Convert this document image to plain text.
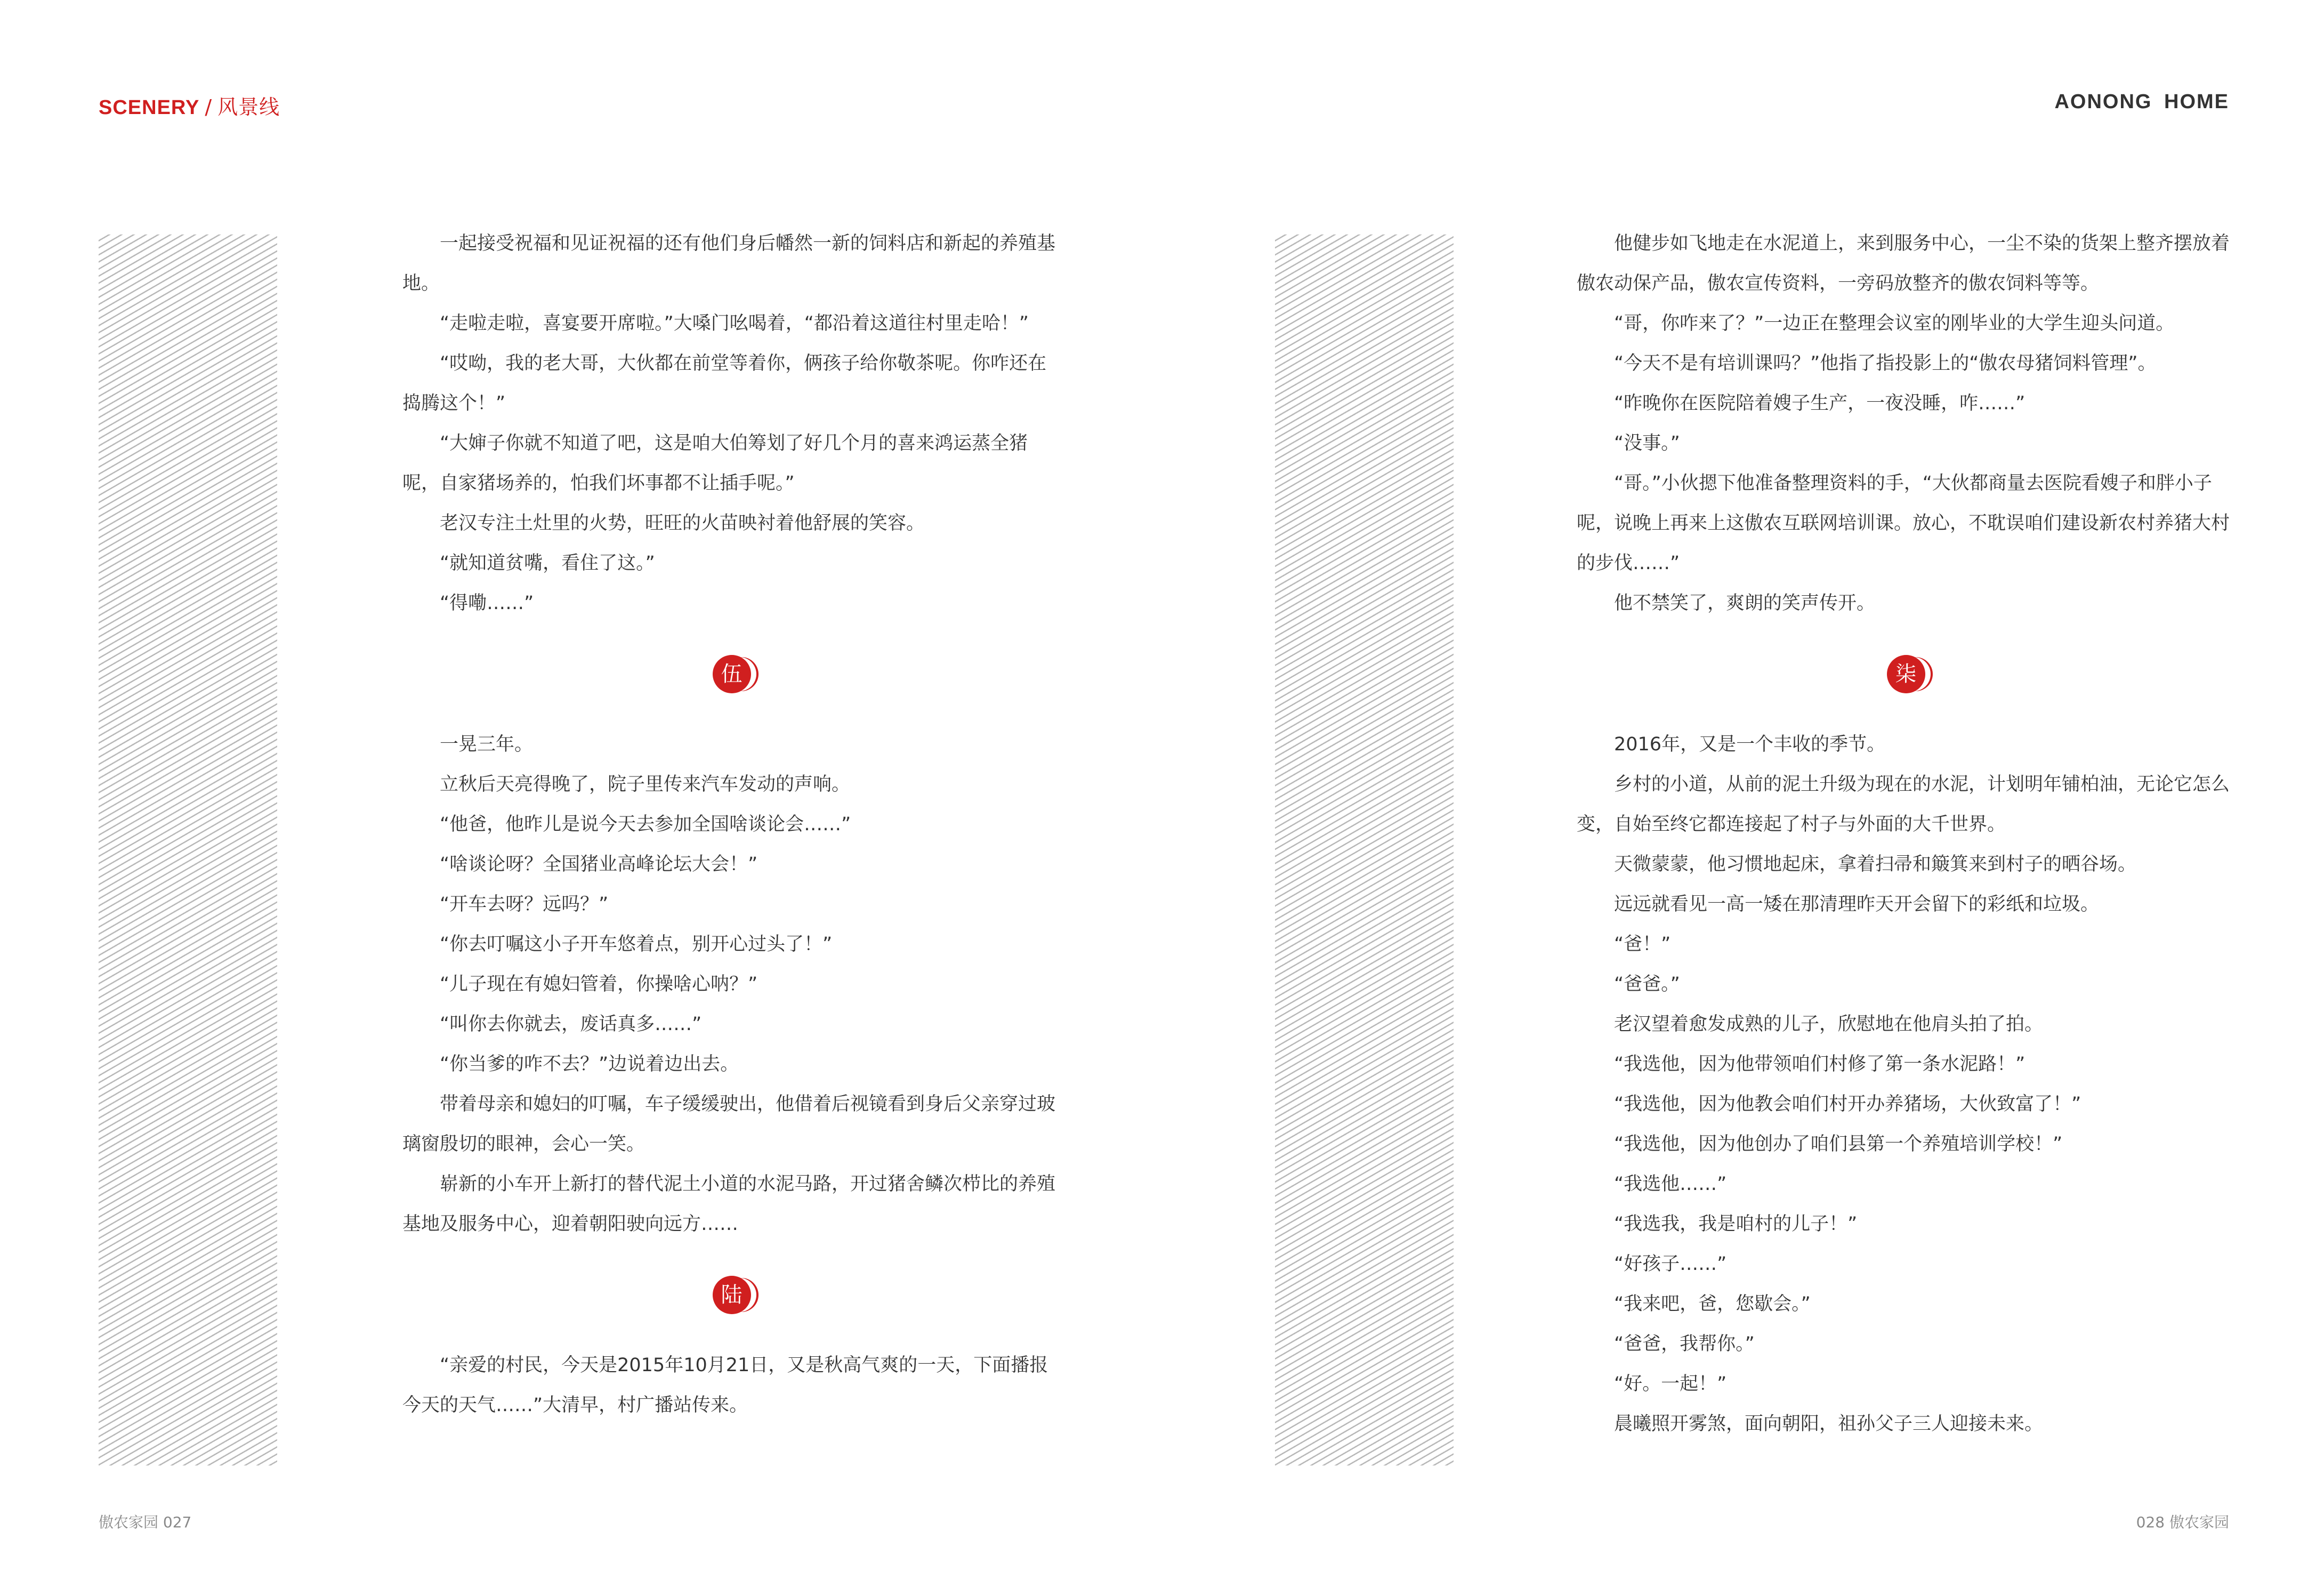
SCENERY / 风景线	AONONG HOME

一起接受祝福和见证祝福的还有他们身后幡然一新的饲料店和新起的养殖基地。

“走啦走啦，喜宴要开席啦。”大嗓门吆喝着，“都沿着这道往村里走哈！”

“哎呦，我的老大哥，大伙都在前堂等着你，俩孩子给你敬茶呢。你咋还在捣腾这个！”

“大婶子你就不知道了吧，这是咱大伯筹划了好几个月的喜来鸿运蒸全猪呢，自家猪场养的，怕我们坏事都不让插手呢。”

老汉专注土灶里的火势，旺旺的火苗映衬着他舒展的笑容。

“就知道贫嘴，看住了这。”

“得嘞……”

伍

一晃三年。

立秋后天亮得晚了，院子里传来汽车发动的声响。

“他爸，他昨儿是说今天去参加全国啥谈论会……”

“啥谈论呀？全国猪业高峰论坛大会！”

“开车去呀？远吗？”

“你去叮嘱这小子开车悠着点，别开心过头了！”

“儿子现在有媳妇管着，你操啥心呐？”

“叫你去你就去，废话真多……”

“你当爹的咋不去？”边说着边出去。

带着母亲和媳妇的叮嘱，车子缓缓驶出，他借着后视镜看到身后父亲穿过玻璃窗殷切的眼神，会心一笑。

崭新的小车开上新打的替代泥土小道的水泥马路，开过猪舍鳞次栉比的养殖基地及服务中心，迎着朝阳驶向远方……

陆

“亲爱的村民，今天是2015年10月21日，又是秋高气爽的一天，下面播报今天的天气……”大清早，村广播站传来。

他健步如飞地走在水泥道上，来到服务中心，一尘不染的货架上整齐摆放着傲农动保产品，傲农宣传资料，一旁码放整齐的傲农饲料等等。

“哥，你咋来了？”一边正在整理会议室的刚毕业的大学生迎头问道。

“今天不是有培训课吗？”他指了指投影上的“傲农母猪饲料管理”。

“昨晚你在医院陪着嫂子生产，一夜没睡，咋……”

“没事。”

“哥。”小伙摁下他准备整理资料的手，“大伙都商量去医院看嫂子和胖小子呢，说晚上再来上这傲农互联网培训课。放心，不耽误咱们建设新农村养猪大村的步伐……”

他不禁笑了，爽朗的笑声传开。

柒

2016年，又是一个丰收的季节。

乡村的小道，从前的泥土升级为现在的水泥，计划明年铺柏油，无论它怎么变，自始至终它都连接起了村子与外面的大千世界。

天微蒙蒙，他习惯地起床，拿着扫帚和簸箕来到村子的晒谷场。

远远就看见一高一矮在那清理昨天开会留下的彩纸和垃圾。

“爸！”

“爸爸。”

老汉望着愈发成熟的儿子，欣慰地在他肩头拍了拍。

“我选他，因为他带领咱们村修了第一条水泥路！”

“我选他，因为他教会咱们村开办养猪场，大伙致富了！”

“我选他，因为他创办了咱们县第一个养殖培训学校！”

“我选他……”

“我选我，我是咱村的儿子！”

“好孩子……”

“我来吧，爸，您歇会。”

“爸爸，我帮你。”

“好。一起！”

晨曦照开雾煞，面向朝阳，祖孙父子三人迎接未来。

傲农家园 027	028 傲农家园
